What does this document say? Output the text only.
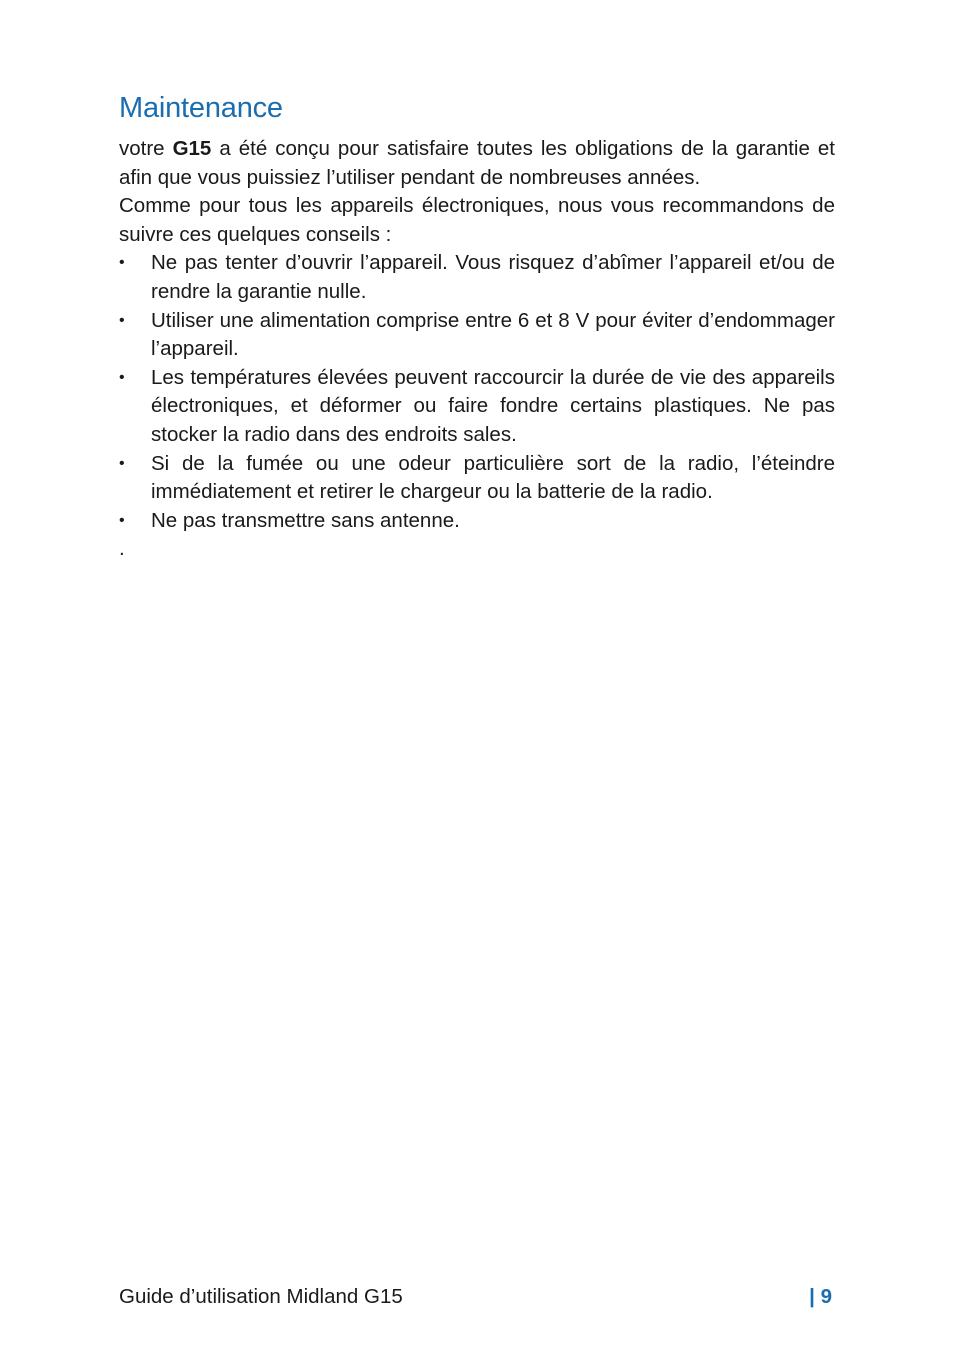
Maintenance

votre G15 a été conçu pour satisfaire toutes les obligations de la garantie et afin que vous puissiez l’utiliser pendant de nombreuses années.
Comme pour tous les appareils électroniques, nous vous recommandons de suivre ces quelques conseils :

•	Ne pas tenter d’ouvrir l’appareil. Vous risquez d’abîmer l’appareil et/ou de rendre la garantie nulle.
•	Utiliser une alimentation comprise entre 6 et 8 V pour éviter d’endommager l’appareil.
•	Les températures élevées peuvent raccourcir la durée de vie des appareils électroniques, et déformer ou faire fondre certains plastiques. Ne pas stocker la radio dans des endroits sales.
•	Si de la fumée ou une odeur particulière sort de la radio, l’éteindre immédiatement et retirer le chargeur ou la batterie de la radio.
•	Ne pas transmettre sans antenne.

.

Guide d’utilisation Midland G15	| 9
